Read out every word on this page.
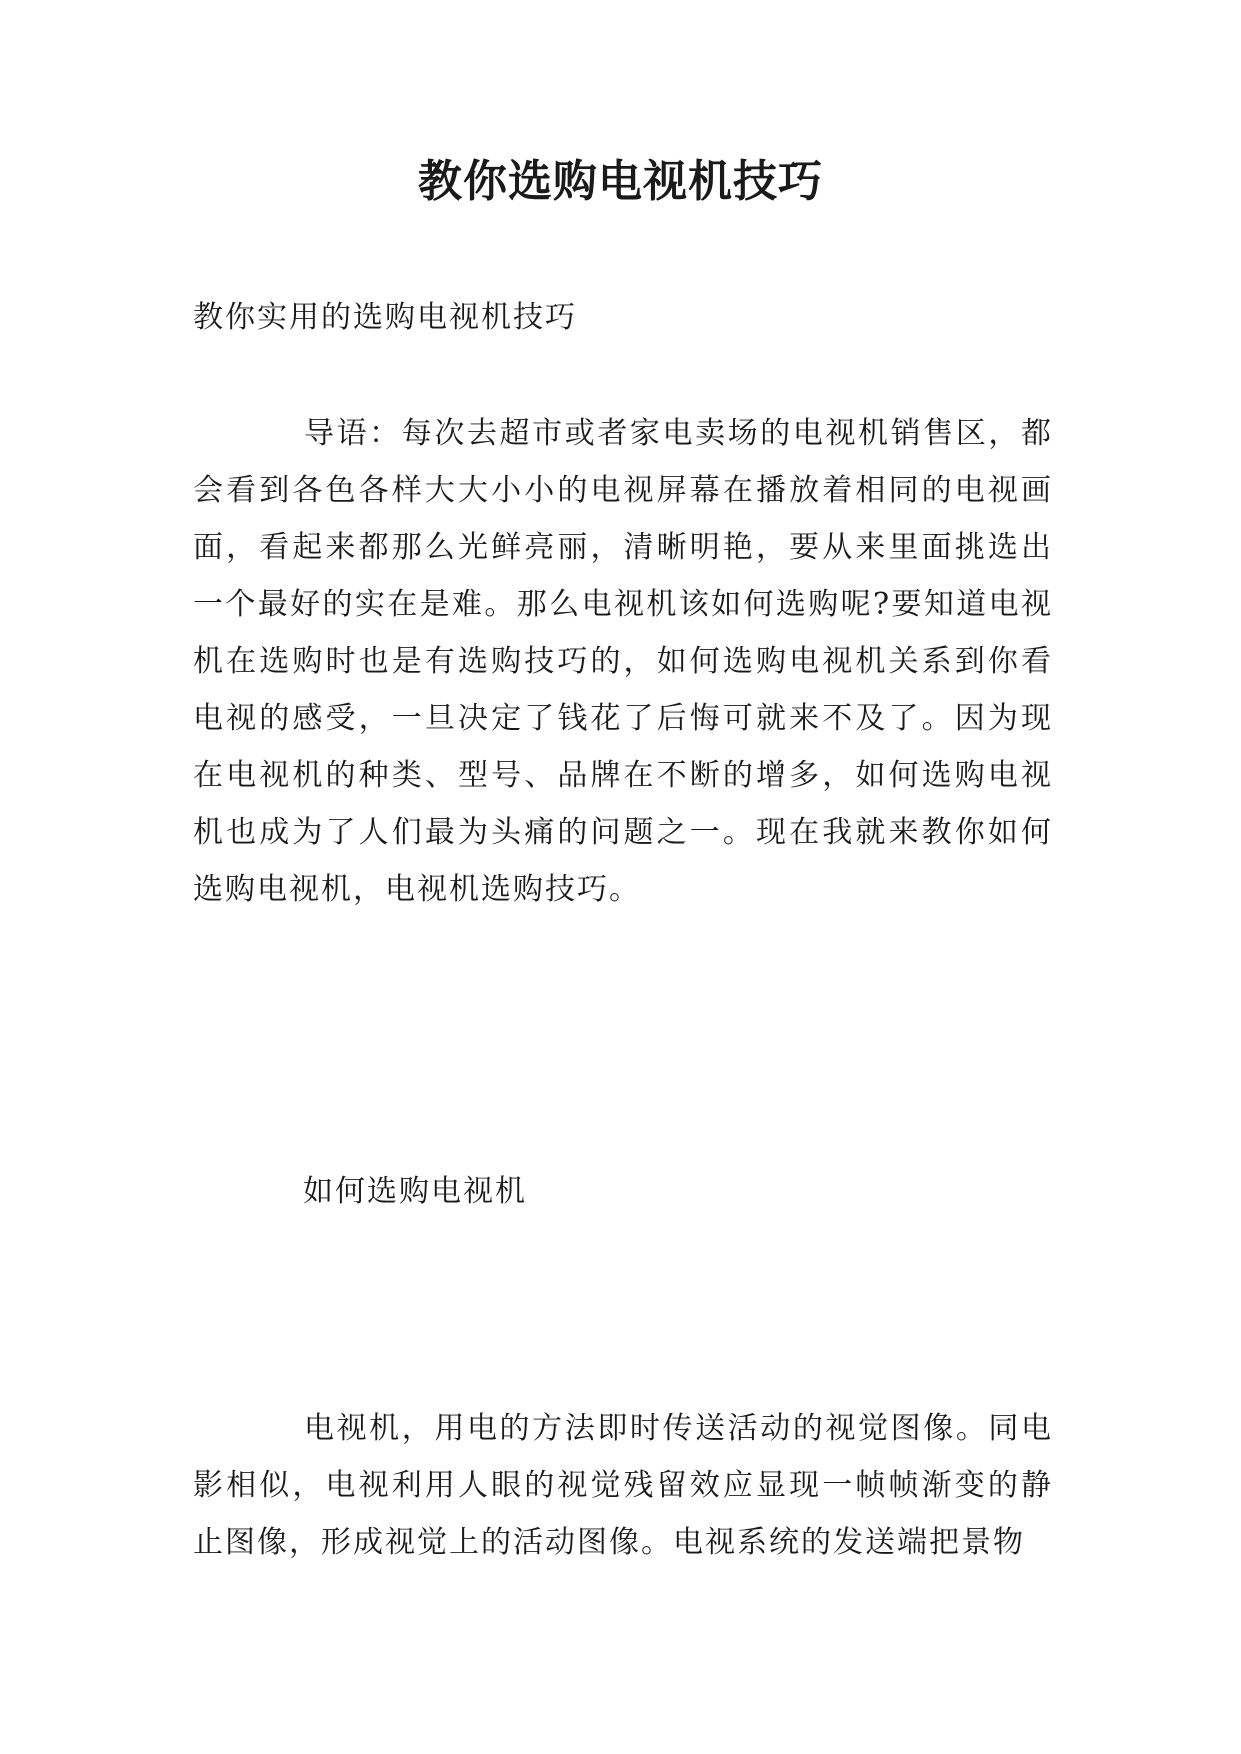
教你选购电视机技巧
教你实用的选购电视机技巧

导语：每次去超市或者家电卖场的电视机销售区，都会看到各色各样大大小小的电视屏幕在播放着相同的电视画面，看起来都那么光鲜亮丽，清晰明艳，要从来里面挑选出一个最好的实在是难。那么电视机该如何选购呢?要知道电视机在选购时也是有选购技巧的，如何选购电视机关系到你看电视的感受，一旦决定了钱花了后悔可就来不及了。因为现在电视机的种类、型号、品牌在不断的增多，如何选购电视机也成为了人们最为头痛的问题之一。现在我就来教你如何选购电视机，电视机选购技巧。

如何选购电视机

电视机，用电的方法即时传送活动的视觉图像。同电影相似，电视利用人眼的视觉残留效应显现一帧帧渐变的静止图像，形成视觉上的活动图像。电视系统的发送端把景物
